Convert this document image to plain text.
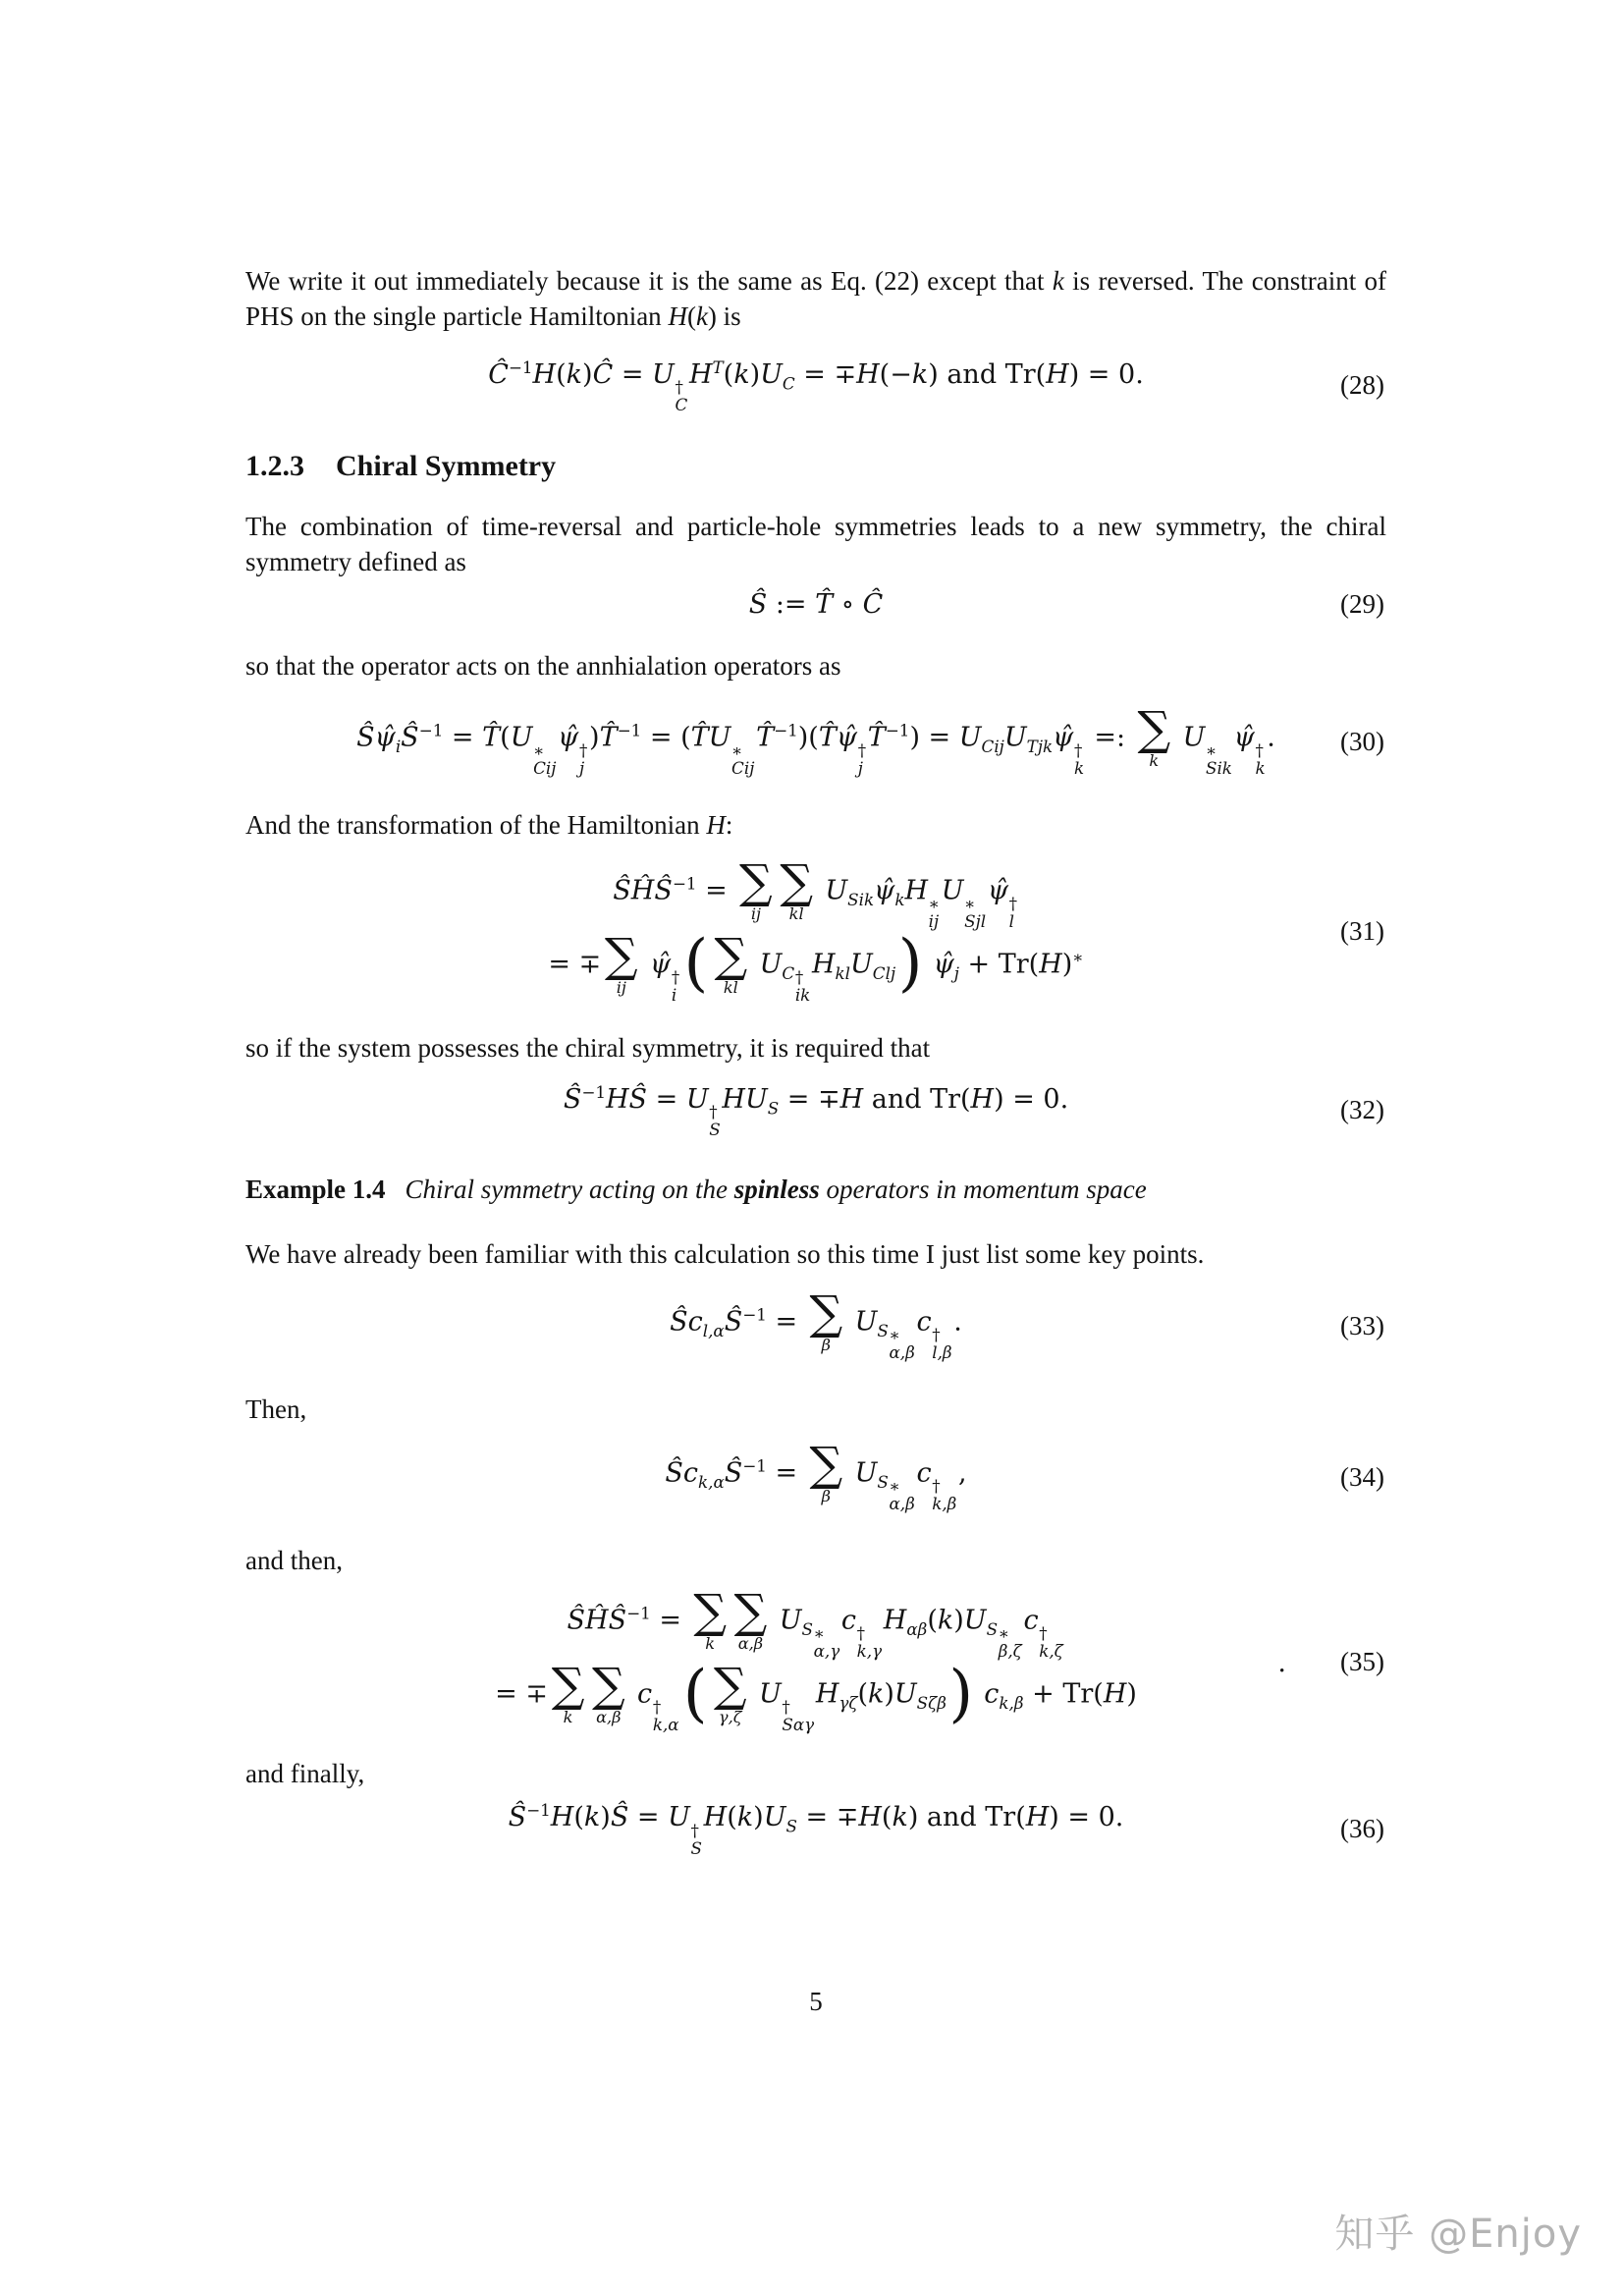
We write it out immediately because it is the same as Eq. (22) except that k is reversed. The constraint of PHS on the single particle Hamiltonian H(k) is

$Ĉ^{-1}H(k)Ĉ = U$ †
C
$H^T(k)U_C = \mp H(-k)$ and Tr(H) = 0.	(28)
1.2.3 Chiral Symmetry

The combination of time-reversal and particle-hole symmetries leads to a new symmetry, the chiral symmetry defined as

Ŝ := T̂ ∘ Ĉ	(29)

so that the operator acts on the annhialation operators as

$Ŝ\psî_iŜ^{-1}$ = T̂(U ∗
Cij
ψ̂ †
j
)T̂$^{-1}$ = (T̂U ∗
Cij
T̂$^{-1}$)(T̂ψ̂ †
j
T̂$^{-1}$) = $U_{Cij}U_{Tjk}\psî$ †
k
=: ∑
k
U ∗
Sik
ψ̂ †
k
. (30)

And the transformation of the Hamiltonian H:

$ŜĤŜ^{-1}$ = ∑
ij
∑
kl
$U_{Sik}\psî_kH$ ∗
ij
U ∗
Sjl
ψ̂ †
l
= ∓ ∑
ij
ψ̂ †
i ( ∑
kl
$U_C$ †
ik
$H_{kl}U_{Clj}$) $\psî_j + Tr(H)^∗$
(31)

so if the system possesses the chiral symmetry, it is required that

$Ŝ^{-1}HŜ = U$ †
S
$HU_S = \mp H$ and Tr(H) = 0.	(32)
Example 1.4 Chiral symmetry acting on the spinless operators in momentum space

We have already been familiar with this calculation so this time I just list some key points.

$Ŝc_{l,\alpha}Ŝ^{-1}$ = ∑
β
$U_S$ ∗
α,β
c †
l,β
.	(33)

Then,

$Ŝc_{k,\alpha}Ŝ^{-1}$ = ∑
β
$U_S$ ∗
α,β
c †
k,β
,	(34)

and then,

$ŜĤŜ^{-1}$ = ∑
k
∑
α,β
$U_S$ ∗
α,γ
c †
k,γ
$H_{\alpha\beta}(k)U_S$ ∗
β,ζ
c †
k,ζ
= ∓ ∑
k
∑
α,β
c †
k,α ( ∑
γ,ζ
U †
Sαγ
$H_{\gamma\zeta}(k)U_{S\zeta\beta}$) $c_{k,\beta} + Tr(H)$
. (35)

and finally,

$Ŝ^{-1}H(k)Ŝ = U$ †
S
$H(k)U_S = \mp H(k)$ and Tr(H) = 0.	(36)
5
知乎 @Enjoy
